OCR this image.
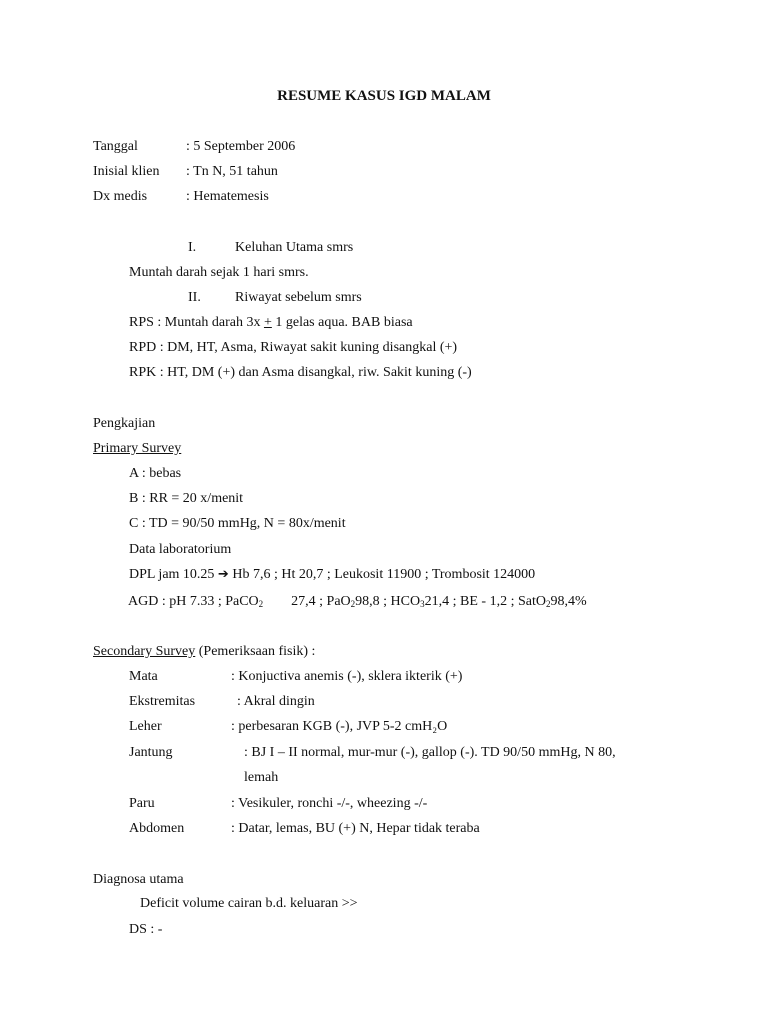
RESUME KASUS IGD MALAM
Tanggal	: 5 September 2006
Inisial klien : Tn N, 51 tahun
Dx medis	: Hematemesis
I.	Keluhan Utama smrs
Muntah darah sejak 1 hari smrs.
II. Riwayat sebelum smrs
RPS : Muntah darah 3x + 1 gelas aqua. BAB biasa
RPD : DM, HT, Asma, Riwayat sakit kuning disangkal (+)
RPK : HT, DM (+) dan Asma disangkal, riw. Sakit kuning (-)
Pengkajian
Primary Survey
A : bebas
B : RR = 20 x/menit
C : TD = 90/50 mmHg, N = 80x/menit
Data laboratorium
DPL jam 10.25 ➔ Hb 7,6 ; Ht 20,7 ; Leukosit 11900 ; Trombosit 124000
AGD : pH 7.33 ; PaCO$_2$ 27,4 ; PaO$_2$98,8 ; $HCO_321,4$ ; BE - 1,2 ; SatO$_2$98,4%
Secondary Survey (Pemeriksaan fisik) :
Mata	: Konjuctiva anemis (-), sklera ikterik (+)
Ekstremitas	: Akral dingin
Leher	: perbesaran KGB (-), JVP 5-2 cmH₂O
Jantung	: BJ I – II normal, mur-mur (-), gallop (-). TD 90/50 mmHg, N 80,
lemah
Paru	: Vesikuler, ronchi -/-, wheezing -/-
Abdomen	: Datar, lemas, BU (+) N, Hepar tidak teraba
Diagnosa utama
Deficit volume cairan b.d. keluaran >>
DS : -
